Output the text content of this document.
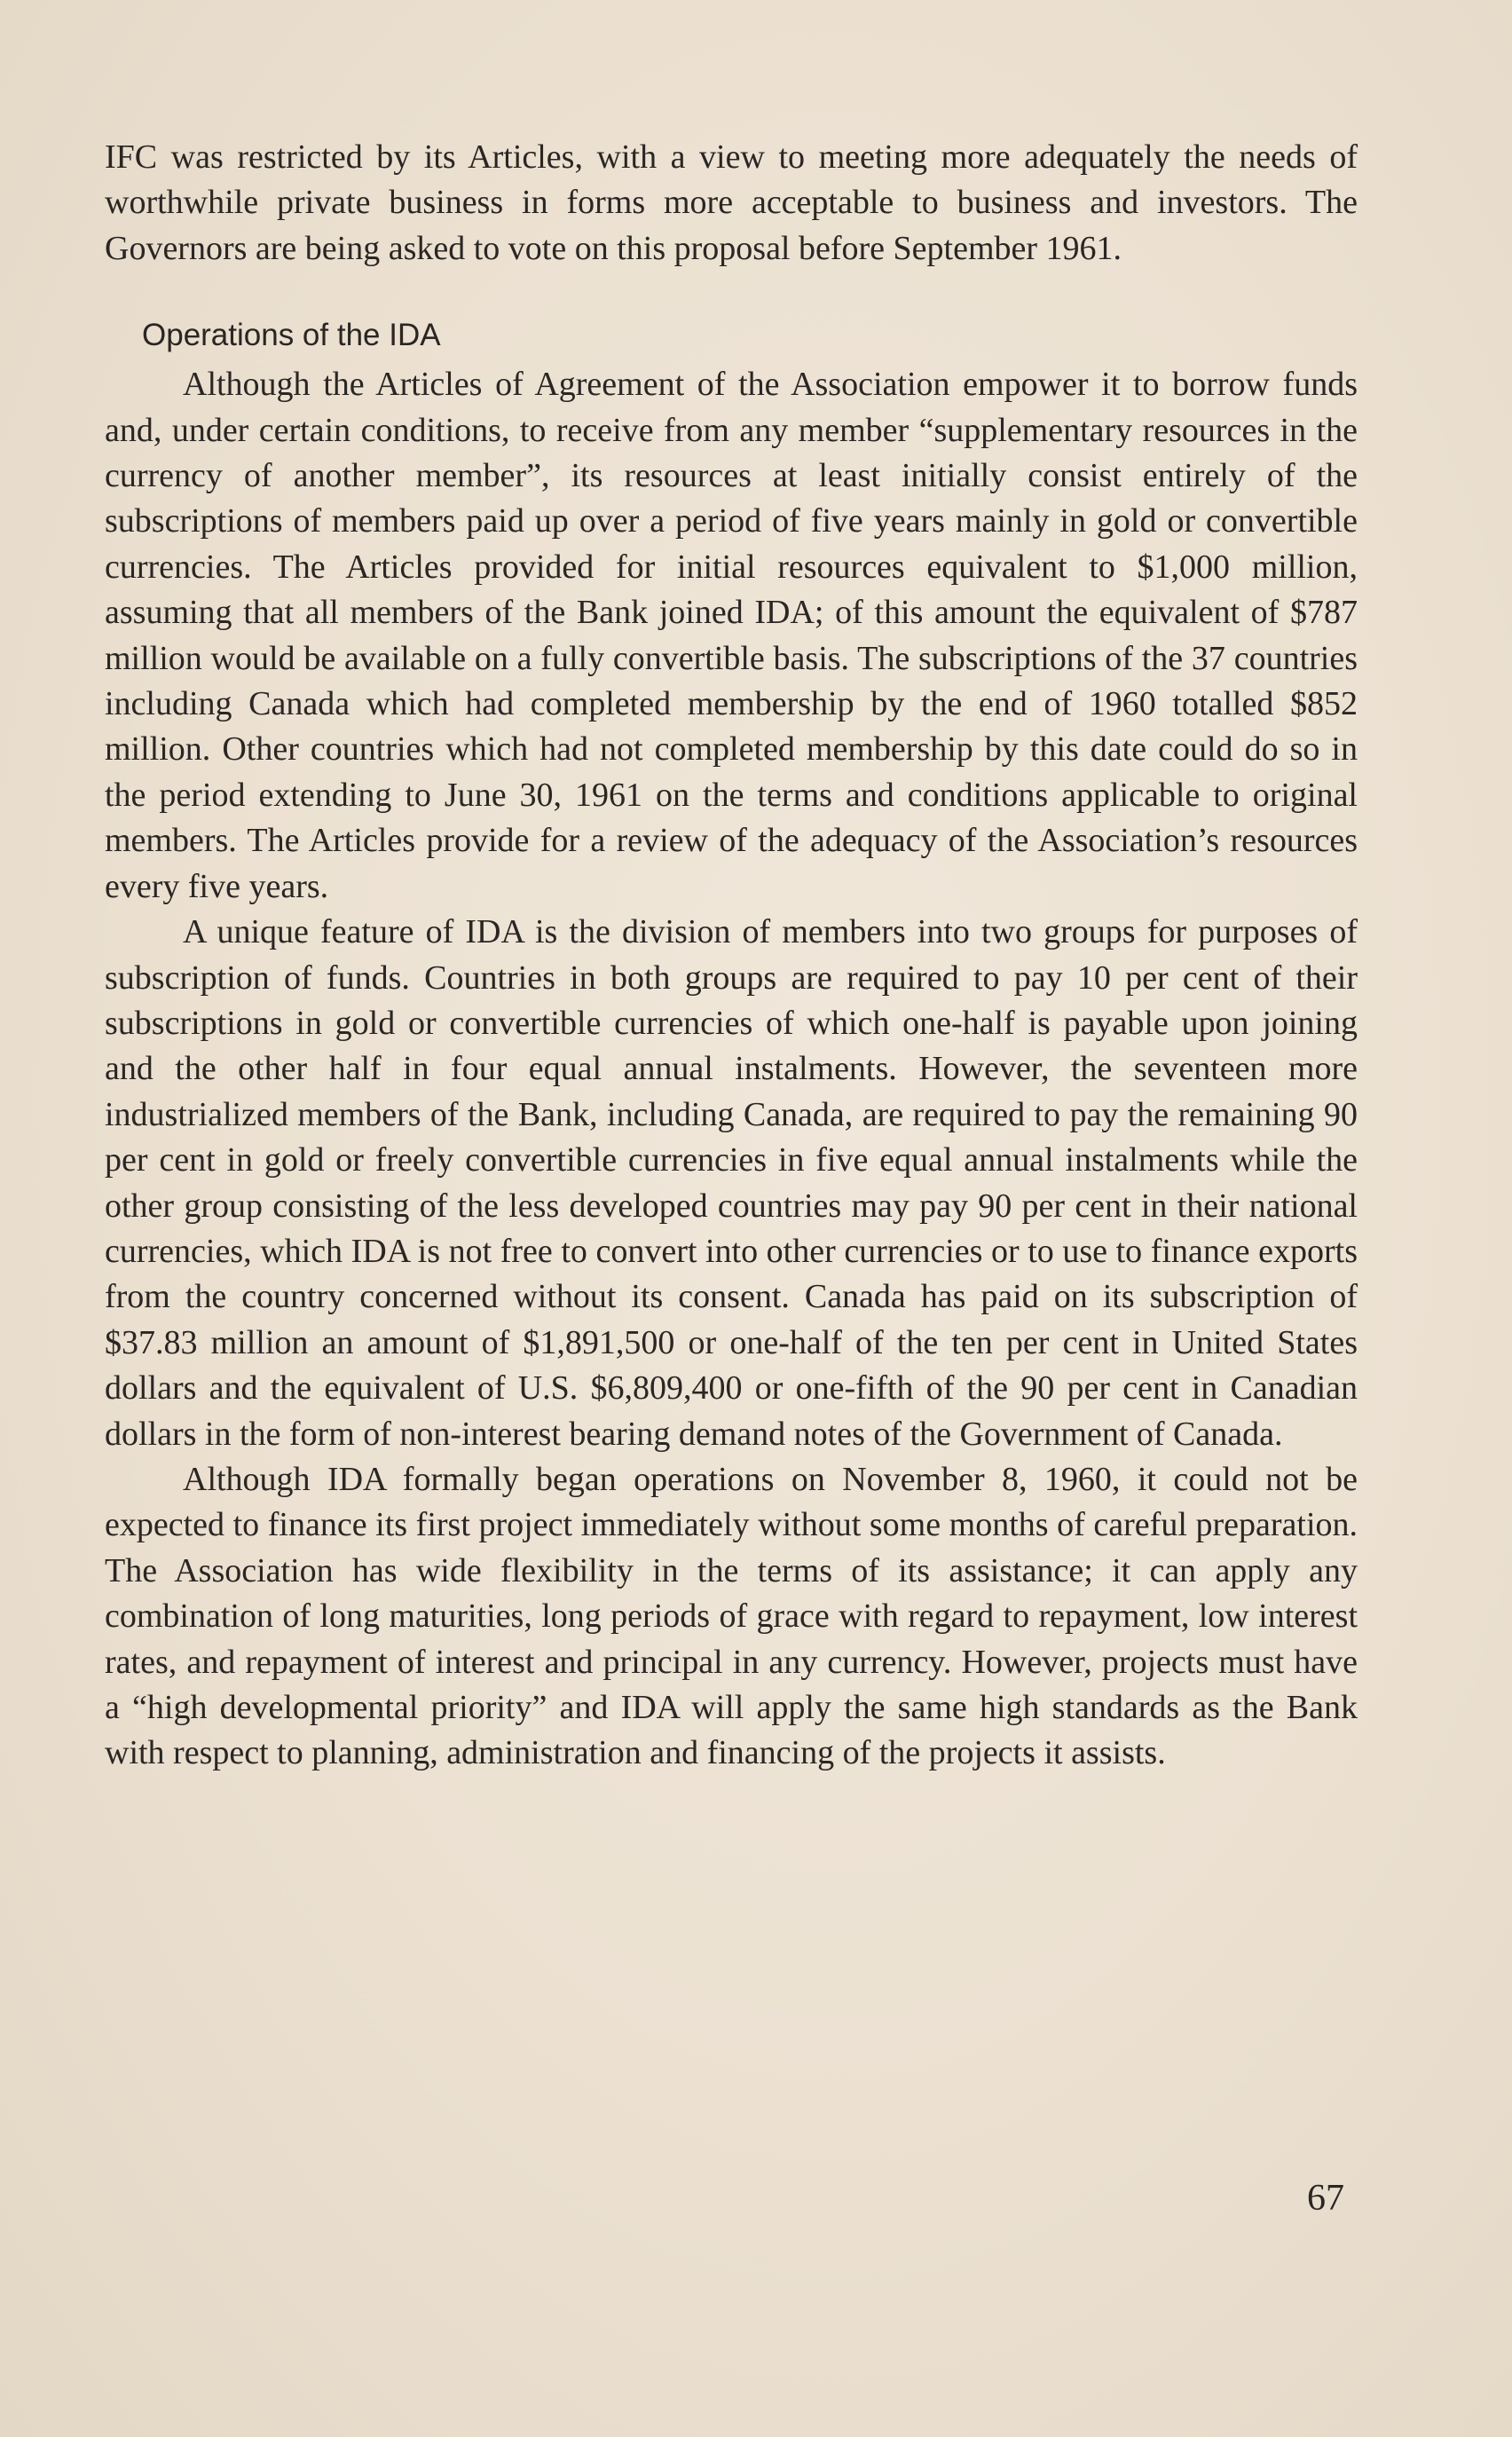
IFC was restricted by its Articles, with a view to meeting more adequately the needs of worthwhile private business in forms more acceptable to business and investors. The Governors are being asked to vote on this proposal before September 1961.

Operations of the IDA

Although the Articles of Agreement of the Association empower it to borrow funds and, under certain conditions, to receive from any member “supplementary resources in the currency of another member”, its resources at least initially consist entirely of the subscriptions of members paid up over a period of five years mainly in gold or convertible currencies. The Articles provided for initial resources equivalent to $1,000 million, assuming that all members of the Bank joined IDA; of this amount the equivalent of $787 million would be available on a fully convertible basis. The subscriptions of the 37 countries including Canada which had completed membership by the end of 1960 totalled $852 million. Other countries which had not completed membership by this date could do so in the period extending to June 30, 1961 on the terms and conditions applicable to original members. The Articles provide for a review of the adequacy of the Association’s resources every five years.

A unique feature of IDA is the division of members into two groups for purposes of subscription of funds. Countries in both groups are required to pay 10 per cent of their subscriptions in gold or convertible currencies of which one-half is payable upon joining and the other half in four equal annual instalments. However, the seventeen more industrialized members of the Bank, including Canada, are required to pay the remaining 90 per cent in gold or freely convertible currencies in five equal annual instalments while the other group consisting of the less developed countries may pay 90 per cent in their national currencies, which IDA is not free to convert into other currencies or to use to finance exports from the country concerned without its consent. Canada has paid on its subscription of $37.83 million an amount of $1,891,500 or one-half of the ten per cent in United States dollars and the equivalent of U.S. $6,809,400 or one-fifth of the 90 per cent in Canadian dollars in the form of non-interest bearing demand notes of the Government of Canada.

Although IDA formally began operations on November 8, 1960, it could not be expected to finance its first project immediately without some months of careful preparation. The Association has wide flexibility in the terms of its assistance; it can apply any combination of long maturities, long periods of grace with regard to repayment, low interest rates, and repayment of interest and principal in any currency. However, projects must have a “high developmental priority” and IDA will apply the same high standards as the Bank with respect to planning, administration and financing of the projects it assists.

67
